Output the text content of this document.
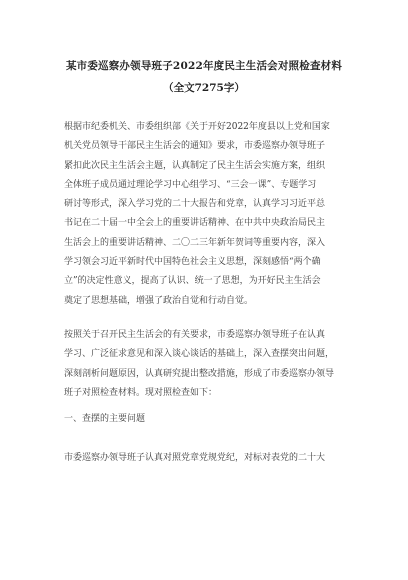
某市委巡察办领导班子2022年度民主生活会对照检查材料
（全文7275字）
根据市纪委机关、市委组织部《关于开好2022年度县以上党和国家
机关党员领导干部民主生活会的通知》要求，市委巡察办领导班子
紧扣此次民主生活会主题，认真制定了民主生活会实施方案，组织
全体班子成员通过理论学习中心组学习、“三会一课”、专题学习
研讨等形式，深入学习党的二十大报告和党章，认真学习习近平总
书记在二十届一中全会上的重要讲话精神、在中共中央政治局民主
生活会上的重要讲话精神、二〇二三年新年贺词等重要内容，深入
学习领会习近平新时代中国特色社会主义思想，深刻感悟“两个确
立”的决定性意义，提高了认识、统一了思想，为开好民主生活会
奠定了思想基础，增强了政治自觉和行动自觉。
按照关于召开民主生活会的有关要求，市委巡察办领导班子在认真
学习、广泛征求意见和深入谈心谈话的基础上，深入查摆突出问题，
深刻剖析问题原因，认真研究提出整改措施，形成了市委巡察办领导
班子对照检查材料。现对照检查如下：
一、查摆的主要问题
市委巡察办领导班子认真对照党章党规党纪，对标对表党的二十大
